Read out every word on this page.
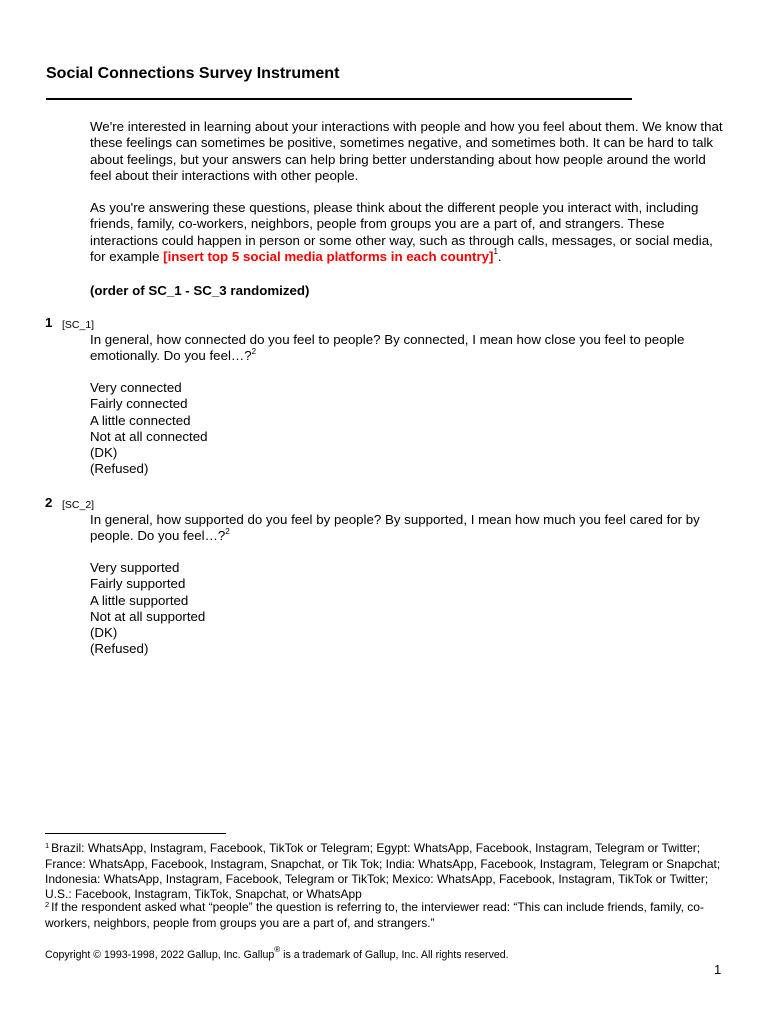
Social Connections Survey Instrument

We're interested in learning about your interactions with people and how you feel about them. We know that these feelings can sometimes be positive, sometimes negative, and sometimes both. It can be hard to talk about feelings, but your answers can help bring better understanding about how people around the world feel about their interactions with other people.

As you're answering these questions, please think about the different people you interact with, including friends, family, co-workers, neighbors, people from groups you are a part of, and strangers. These interactions could happen in person or some other way, such as through calls, messages, or social media, for example [insert top 5 social media platforms in each country]$^1$.

(order of SC_1 - SC_3 randomized)
1 [SC_1]

In general, how connected do you feel to people? By connected, I mean how close you feel to people emotionally. Do you feel…?$^2$

Very connected
Fairly connected
A little connected
Not at all connected
(DK)
(Refused)
2 [SC_2]

In general, how supported do you feel by people? By supported, I mean how much you feel cared for by people. Do you feel…?$^2$

Very supported
Fairly supported
A little supported
Not at all supported
(DK)
(Refused)

$^1$ Brazil: WhatsApp, Instagram, Facebook, TikTok or Telegram; Egypt: WhatsApp, Facebook, Instagram, Telegram or Twitter; France: WhatsApp, Facebook, Instagram, Snapchat, or Tik Tok; India: WhatsApp, Facebook, Instagram, Telegram or Snapchat; Indonesia: WhatsApp, Instagram, Facebook, Telegram or TikTok; Mexico: WhatsApp, Facebook, Instagram, TikTok or Twitter; U.S.: Facebook, Instagram, TikTok, Snapchat, or WhatsApp

$^2$ If the respondent asked what “people” the question is referring to, the interviewer read: “This can include friends, family, co-workers, neighbors, people from groups you are a part of, and strangers.”

Copyright © 1993-1998, 2022 Gallup, Inc. Gallup® is a trademark of Gallup, Inc. All rights reserved.
1
